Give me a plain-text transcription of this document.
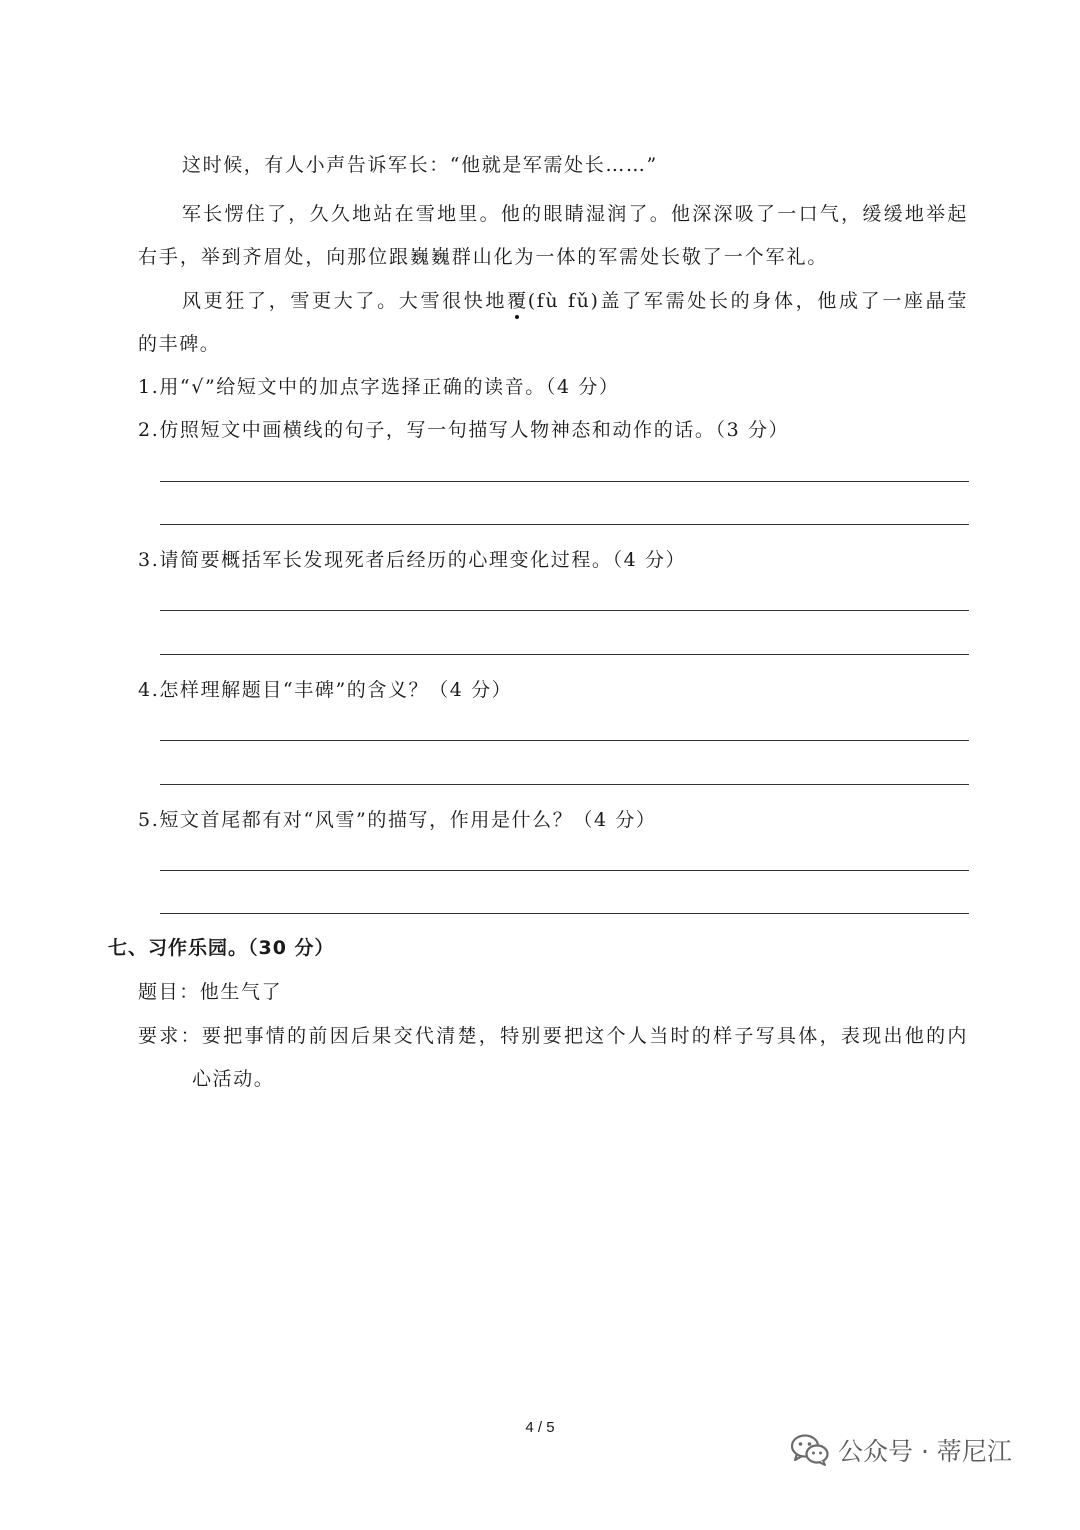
这时候，有人小声告诉军长：“他就是军需处长……”
军长愣住了，久久地站在雪地里。他的眼睛湿润了。他深深吸了一口气，缓缓地举起
右手，举到齐眉处，向那位跟巍巍群山化为一体的军需处长敬了一个军礼。
风更狂了，雪更大了。大雪很快地覆(fù fǔ)盖了军需处长的身体，他成了一座晶莹
的丰碑。
1.用“√”给短文中的加点字选择正确的读音。（4 分）
2.仿照短文中画横线的句子，写一句描写人物神态和动作的话。（3 分）
3.请简要概括军长发现死者后经历的心理变化过程。（4 分）
4.怎样理解题目“丰碑”的含义？（4 分）
5.短文首尾都有对“风雪”的描写，作用是什么？（4 分）
七、习作乐园。（30 分）
题目：他生气了
要求：要把事情的前因后果交代清楚，特别要把这个人当时的样子写具体，表现出他的内
心活动。
4 / 5
公众号 · 蒂尼江
